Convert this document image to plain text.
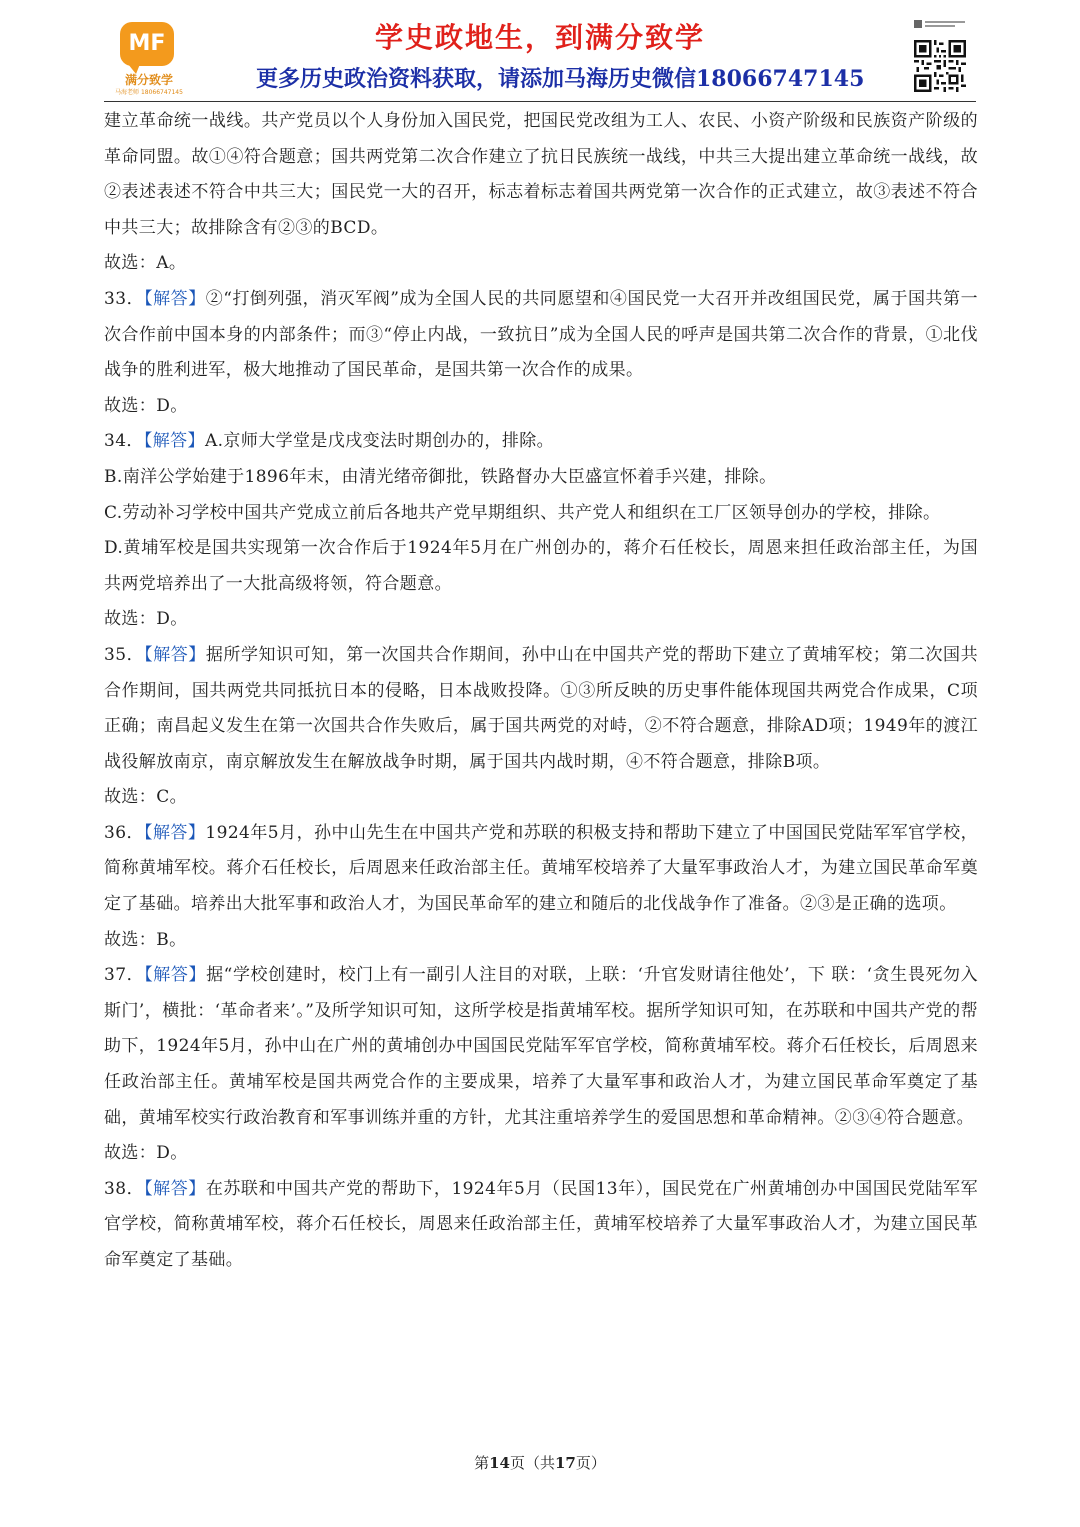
MF
满分致学
马海老师 18066747145
学史政地生，到满分致学
更多历史政治资料获取，请添加马海历史微信18066747145

建立革命统一战线。共产党员以个人身份加入国民党，把国民党改组为工人、农民、小资产阶级和民族资产阶级的革命同盟。故①④符合题意；国共两党第二次合作建立了抗日民族统一战线，中共三大提出建立革命统一战线，故②表述表述不符合中共三大；国民党一大的召开，标志着标志着国共两党第一次合作的正式建立，故③表述不符合中共三大；故排除含有②③的BCD。

故选：A。

33．【解答】②“打倒列强，消灭军阀”成为全国人民的共同愿望和④国民党一大召开并改组国民党，属于国共第一次合作前中国本身的内部条件；而③“停止内战，一致抗日”成为全国人民的呼声是国共第二次合作的背景，①北伐战争的胜利进军，极大地推动了国民革命，是国共第一次合作的成果。

故选：D。

34．【解答】A.京师大学堂是戊戌变法时期创办的，排除。

B.南洋公学始建于1896年末，由清光绪帝御批，铁路督办大臣盛宣怀着手兴建，排除。

C.劳动补习学校中国共产党成立前后各地共产党早期组织、共产党人和组织在工厂区领导创办的学校，排除。

D.黄埔军校是国共实现第一次合作后于1924年5月在广州创办的，蒋介石任校长，周恩来担任政治部主任，为国共两党培养出了一大批高级将领，符合题意。

故选：D。

35．【解答】据所学知识可知，第一次国共合作期间，孙中山在中国共产党的帮助下建立了黄埔军校；第二次国共合作期间，国共两党共同抵抗日本的侵略，日本战败投降。①③所反映的历史事件能体现国共两党合作成果，C项正确；南昌起义发生在第一次国共合作失败后，属于国共两党的对峙，②不符合题意，排除AD项；1949年的渡江战役解放南京，南京解放发生在解放战争时期，属于国共内战时期，④不符合题意，排除B项。

故选：C。

36．【解答】1924年5月，孙中山先生在中国共产党和苏联的积极支持和帮助下建立了中国国民党陆军军官学校，简称黄埔军校。蒋介石任校长，后周恩来任政治部主任。黄埔军校培养了大量军事政治人才，为建立国民革命军奠定了基础。培养出大批军事和政治人才，为国民革命军的建立和随后的北伐战争作了准备。②③是正确的选项。

故选：B。

37．【解答】据“学校创建时，校门上有一副引人注目的对联，上联：‘升官发财请往他处’，下 联：‘贪生畏死勿入斯门’，横批：‘革命者来’。”及所学知识可知，这所学校是指黄埔军校。据所学知识可知，在苏联和中国共产党的帮助下，1924年5月，孙中山在广州的黄埔创办中国国民党陆军军官学校，简称黄埔军校。蒋介石任校长，后周恩来任政治部主任。黄埔军校是国共两党合作的主要成果，培养了大量军事和政治人才，为建立国民革命军奠定了基础，黄埔军校实行政治教育和军事训练并重的方针，尤其注重培养学生的爱国思想和革命精神。②③④符合题意。

故选：D。

38．【解答】在苏联和中国共产党的帮助下，1924年5月（民国13年），国民党在广州黄埔创办中国国民党陆军军官学校，简称黄埔军校，蒋介石任校长，周恩来任政治部主任，黄埔军校培养了大量军事政治人才，为建立国民革命军奠定了基础。

第14页（共17页）
